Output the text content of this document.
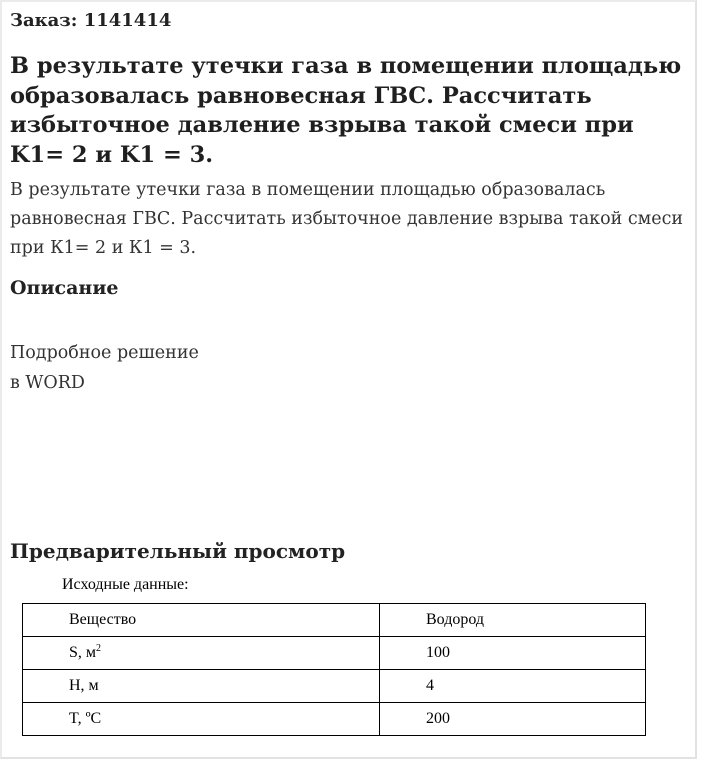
Заказ: 1141414
В результате утечки газа в помещении площадью образовалась равновесная ГВС. Рассчитать избыточное давление взрыва такой смеси при K1= 2 и K1 = 3.

В результате утечки газа в помещении площадью образовалась равновесная ГВС. Рассчитать избыточное давление взрыва такой смеси при К1= 2 и К1 = 3.

Описание
Подробное решение
в WORD
Предварительный просмотр

Исходные данные:

Вещество	Водород
S, $м^2$	100
H, м	4
T, ºС	200
